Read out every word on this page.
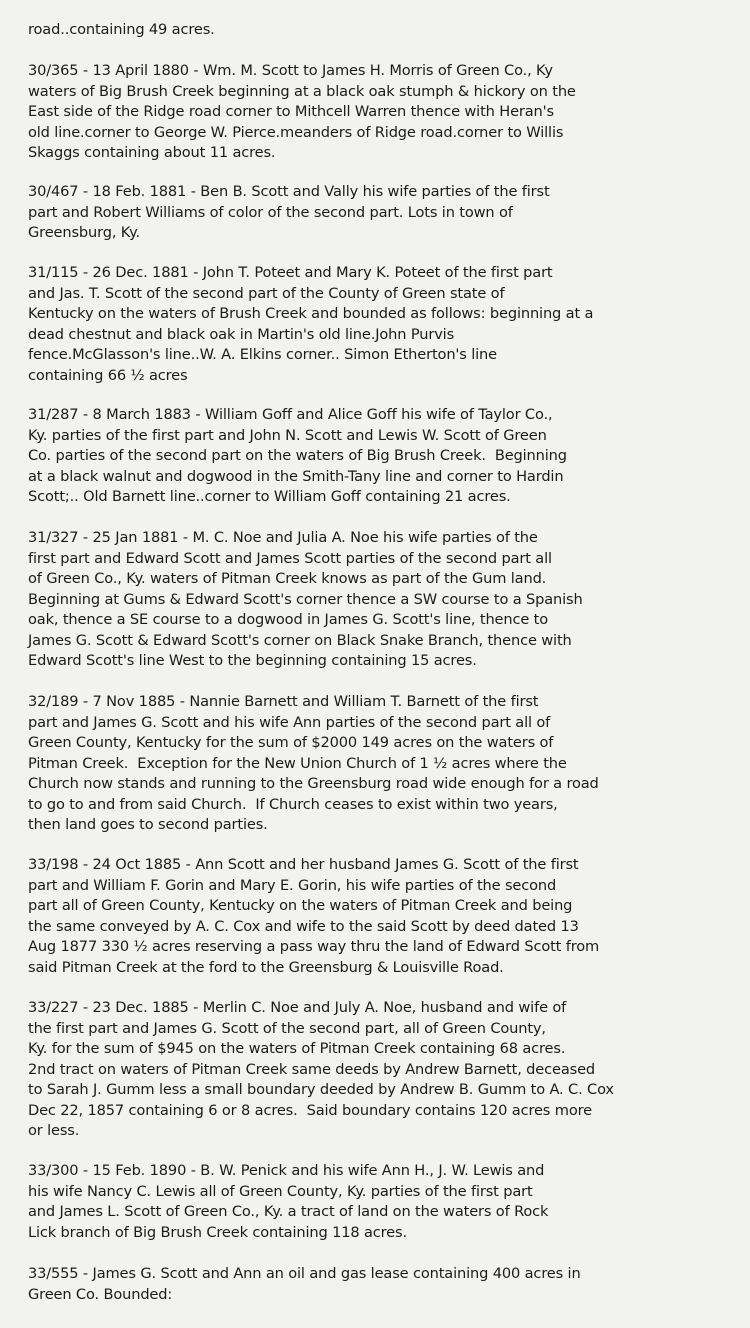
road..containing 49 acres.
30/365 - 13 April 1880 - Wm. M. Scott to James H. Morris of Green Co., Ky
waters of Big Brush Creek beginning at a black oak stumph & hickory on the
East side of the Ridge road corner to Mithcell Warren thence with Heran's
old line.corner to George W. Pierce.meanders of Ridge road.corner to Willis
Skaggs containing about 11 acres.
30/467 - 18 Feb. 1881 - Ben B. Scott and Vally his wife parties of the first
part and Robert Williams of color of the second part. Lots in town of
Greensburg, Ky.
31/115 - 26 Dec. 1881 - John T. Poteet and Mary K. Poteet of the first part
and Jas. T. Scott of the second part of the County of Green state of
Kentucky on the waters of Brush Creek and bounded as follows: beginning at a
dead chestnut and black oak in Martin's old line.John Purvis
fence.McGlasson's line..W. A. Elkins corner.. Simon Etherton's line
containing 66 ½ acres
31/287 - 8 March 1883 - William Goff and Alice Goff his wife of Taylor Co.,
Ky. parties of the first part and John N. Scott and Lewis W. Scott of Green
Co. parties of the second part on the waters of Big Brush Creek.  Beginning
at a black walnut and dogwood in the Smith-Tany line and corner to Hardin
Scott;.. Old Barnett line..corner to William Goff containing 21 acres.
31/327 - 25 Jan 1881 - M. C. Noe and Julia A. Noe his wife parties of the
first part and Edward Scott and James Scott parties of the second part all
of Green Co., Ky. waters of Pitman Creek knows as part of the Gum land.
Beginning at Gums & Edward Scott's corner thence a SW course to a Spanish
oak, thence a SE course to a dogwood in James G. Scott's line, thence to
James G. Scott & Edward Scott's corner on Black Snake Branch, thence with
Edward Scott's line West to the beginning containing 15 acres.
32/189 - 7 Nov 1885 - Nannie Barnett and William T. Barnett of the first
part and James G. Scott and his wife Ann parties of the second part all of
Green County, Kentucky for the sum of $2000 149 acres on the waters of
Pitman Creek.  Exception for the New Union Church of 1 ½ acres where the
Church now stands and running to the Greensburg road wide enough for a road
to go to and from said Church.  If Church ceases to exist within two years,
then land goes to second parties.
33/198 - 24 Oct 1885 - Ann Scott and her husband James G. Scott of the first
part and William F. Gorin and Mary E. Gorin, his wife parties of the second
part all of Green County, Kentucky on the waters of Pitman Creek and being
the same conveyed by A. C. Cox and wife to the said Scott by deed dated 13
Aug 1877 330 ½ acres reserving a pass way thru the land of Edward Scott from
said Pitman Creek at the ford to the Greensburg & Louisville Road.
33/227 - 23 Dec. 1885 - Merlin C. Noe and July A. Noe, husband and wife of
the first part and James G. Scott of the second part, all of Green County,
Ky. for the sum of $945 on the waters of Pitman Creek containing 68 acres.
2nd tract on waters of Pitman Creek same deeds by Andrew Barnett, deceased
to Sarah J. Gumm less a small boundary deeded by Andrew B. Gumm to A. C. Cox
Dec 22, 1857 containing 6 or 8 acres.  Said boundary contains 120 acres more
or less.
33/300 - 15 Feb. 1890 - B. W. Penick and his wife Ann H., J. W. Lewis and
his wife Nancy C. Lewis all of Green County, Ky. parties of the first part
and James L. Scott of Green Co., Ky. a tract of land on the waters of Rock
Lick branch of Big Brush Creek containing 118 acres.
33/555 - James G. Scott and Ann an oil and gas lease containing 400 acres in
Green Co. Bounded:
